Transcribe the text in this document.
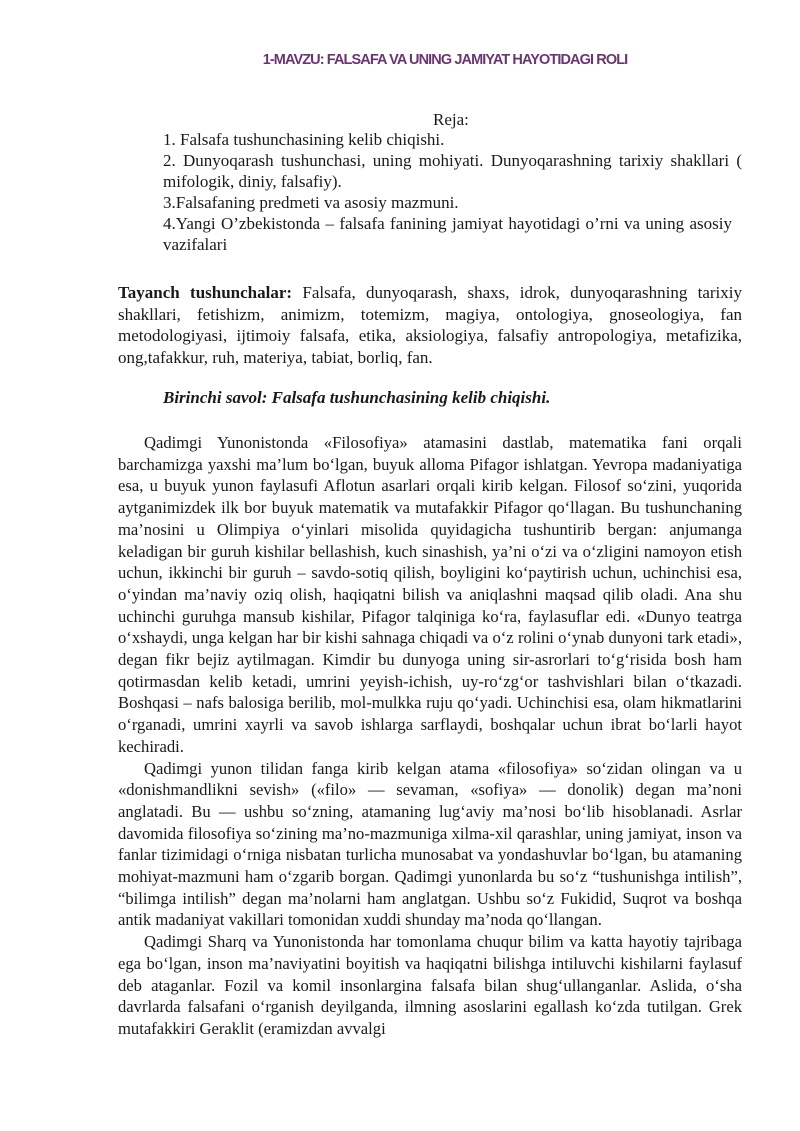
1-MAVZU: FALSAFA VA UNING JAMIYAT HAYOTIDAGI ROLI
Reja:
1. Falsafa tushunchasining kelib chiqishi.
2. Dunyoqarash tushunchasi, uning mohiyati. Dunyoqarashning tarixiy shakllari ( mifologik, diniy, falsafiy).
3.Falsafaning predmeti va asosiy mazmuni.
4.Yangi O’zbekistonda – falsafa fanining jamiyat hayotidagi o’rni va uning asosiy vazifalari
Tayanch tushunchalar: Falsafa, dunyoqarash, shaxs, idrok, dunyoqarashning tarixiy shakllari, fetishizm, animizm, totemizm, magiya, ontologiya, gnoseologiya, fan metodologiyasi, ijtimoiy falsafa, etika, aksiologiya, falsafiy antropologiya, metafizika, ong,tafakkur, ruh, materiya, tabiat, borliq, fan.
Birinchi savol: Falsafa tushunchasining kelib chiqishi.

Qadimgi Yunonistonda «Filosofiya» atamasini dastlab, matematika fani orqali barchamizga yaxshi ma’lum bo‘lgan, buyuk alloma Pifagor ishlatgan. Yevropa madaniyatiga esa, u buyuk yunon faylasufi Aflotun asarlari orqali kirib kelgan. Filosof so‘zini, yuqorida aytganimizdek ilk bor buyuk matematik va mutafakkir Pifagor qo‘llagan. Bu tushunchaning ma’nosini u Olimpiya o‘yinlari misolida quyidagicha tushuntirib bergan: anjumanga keladigan bir guruh kishilar bellashish, kuch sinashish, ya’ni o‘zi va o‘zligini namoyon etish uchun, ikkinchi bir guruh – savdo-sotiq qilish, boyligini ko‘paytirish uchun, uchinchisi esa, o‘yindan ma’naviy oziq olish, haqiqatni bilish va aniqlashni maqsad qilib oladi. Ana shu uchinchi guruhga mansub kishilar, Pifagor talqiniga ko‘ra, faylasuflar edi. «Dunyo teatrga o‘xshaydi, unga kelgan har bir kishi sahnaga chiqadi va o‘z rolini o‘ynab dunyoni tark etadi», degan fikr bejiz aytilmagan. Kimdir bu dunyoga uning sir-asrorlari to‘g‘risida bosh ham qotirmasdan kelib ketadi, umrini yeyish-ichish, uy-ro‘zg‘or tashvishlari bilan o‘tkazadi. Boshqasi – nafs balosiga berilib, mol-mulkka ruju qo‘yadi. Uchinchisi esa, olam hikmatlarini o‘rganadi, umrini xayrli va savob ishlarga sarflaydi, boshqalar uchun ibrat bo‘larli hayot kechiradi.

Qadimgi yunon tilidan fanga kirib kelgan atama «filosofiya» so‘zidan olingan va u «donishmandlikni sevish» («filo» — sevaman, «sofiya» — donolik) degan ma’noni anglatadi. Bu — ushbu so‘zning, atamaning lug‘aviy ma’nosi bo‘lib hisoblanadi. Asrlar davomida filosofiya so‘zining ma’no-mazmuniga xilma-xil qarashlar, uning jamiyat, inson va fanlar tizimidagi o‘rniga nisbatan turlicha munosabat va yondashuvlar bo‘lgan, bu atamaning mohiyat-mazmuni ham o‘zgarib borgan. Qadimgi yunonlarda bu so‘z “tushunishga intilish”, “bilimga intilish” degan ma’nolarni ham anglatgan. Ushbu so‘z Fukidid, Suqrot va boshqa antik madaniyat vakillari tomonidan xuddi shunday ma’noda qo‘llangan.

Qadimgi Sharq va Yunonistonda har tomonlama chuqur bilim va katta hayotiy tajribaga ega bo‘lgan, inson ma’naviyatini boyitish va haqiqatni bilishga intiluvchi kishilarni faylasuf deb ataganlar. Fozil va komil insonlargina falsafa bilan shug‘ullanganlar. Aslida, o‘sha davrlarda falsafani o‘rganish deyilganda, ilmning asoslarini egallash ko‘zda tutilgan. Grek mutafakkiri Geraklit (eramizdan avvalgi
